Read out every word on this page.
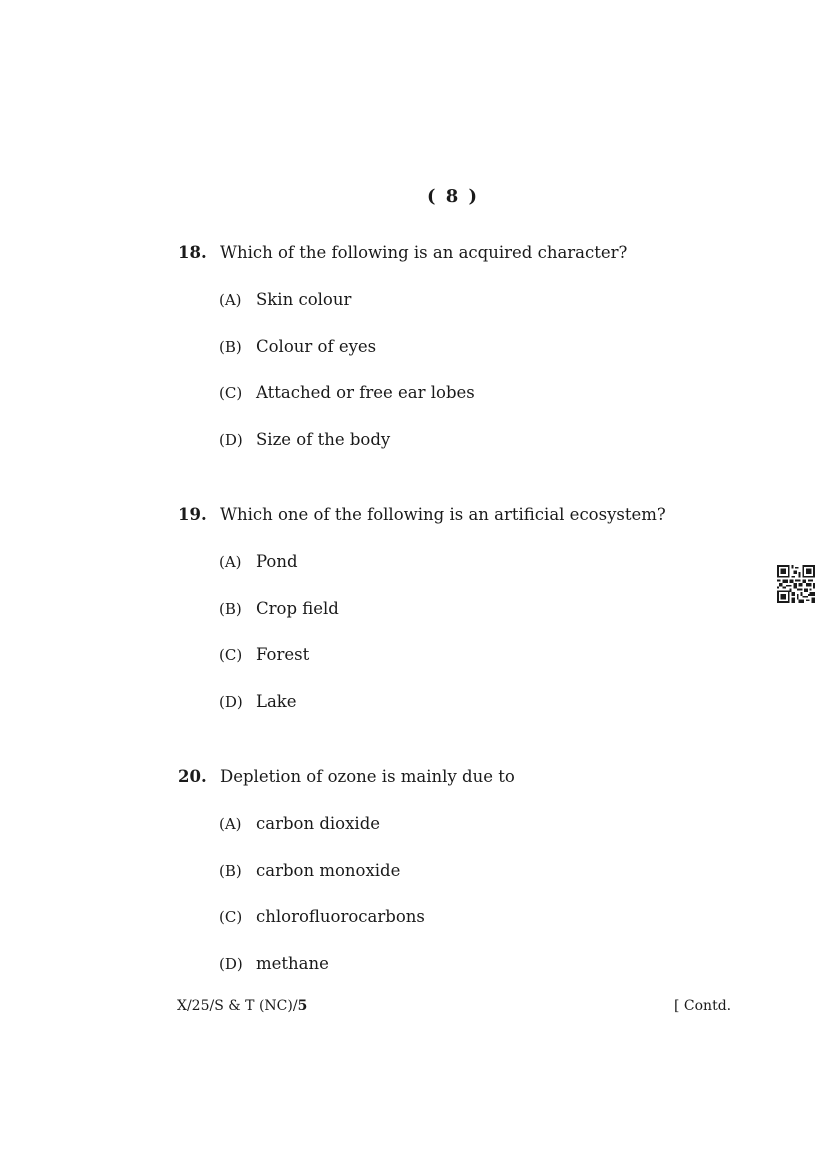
( 8 )
18. Which of the following is an acquired character?
(A) Skin colour
(B) Colour of eyes
(C) Attached or free ear lobes
(D) Size of the body
19. Which one of the following is an artificial ecosystem?
(A) Pond
(B) Crop field
(C) Forest
(D) Lake
20. Depletion of ozone is mainly due to
(A) carbon dioxide
(B) carbon monoxide
(C) chlorofluorocarbons
(D) methane
X/25/S & T (NC)/5	[ Contd.
